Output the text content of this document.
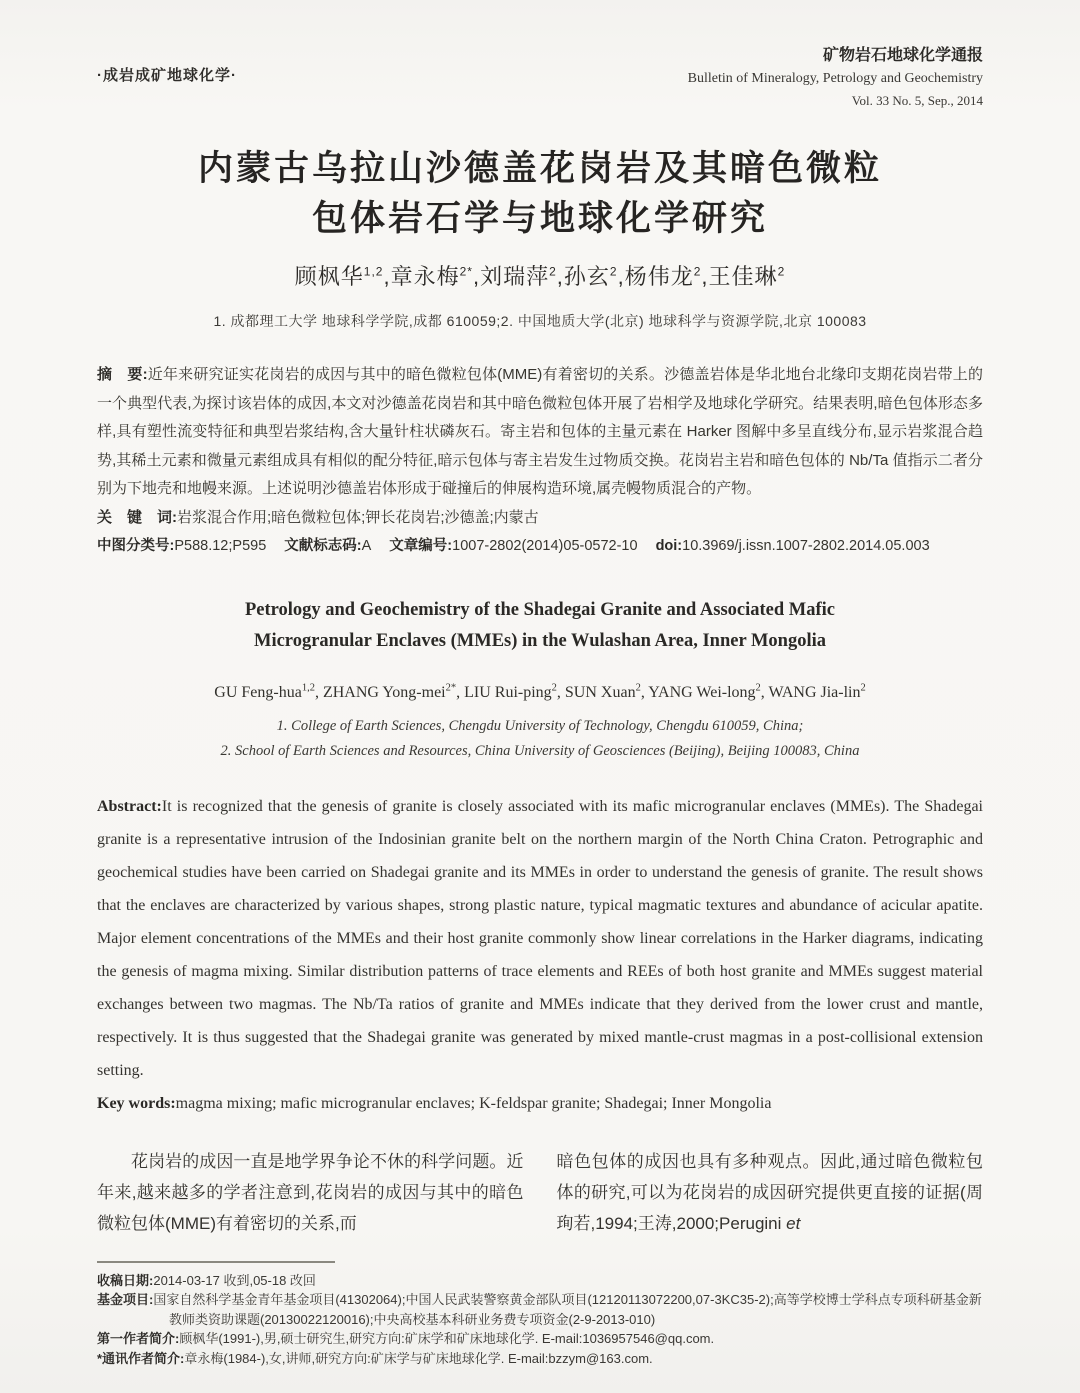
·成岩成矿地球化学·
矿物岩石地球化学通报
Bulletin of Mineralogy, Petrology and Geochemistry
Vol. 33 No. 5, Sep., 2014
内蒙古乌拉山沙德盖花岗岩及其暗色微粒
包体岩石学与地球化学研究
顾枫华$^{1,2}$,章永梅$^{2*}$,刘瑞萍$^2$,孙玄$^2$,杨伟龙$^2$,王佳琳$^2$
1. 成都理工大学 地球科学学院,成都 610059;2. 中国地质大学(北京) 地球科学与资源学院,北京 100083

摘　要:近年来研究证实花岗岩的成因与其中的暗色微粒包体(MME)有着密切的关系。沙德盖岩体是华北地台北缘印支期花岗岩带上的一个典型代表,为探讨该岩体的成因,本文对沙德盖花岗岩和其中暗色微粒包体开展了岩相学及地球化学研究。结果表明,暗色包体形态多样,具有塑性流变特征和典型岩浆结构,含大量针柱状磷灰石。寄主岩和包体的主量元素在 Harker 图解中多呈直线分布,显示岩浆混合趋势,其稀土元素和微量元素组成具有相似的配分特征,暗示包体与寄主岩发生过物质交换。花岗岩主岩和暗色包体的 Nb/Ta 值指示二者分别为下地壳和地幔来源。上述说明沙德盖岩体形成于碰撞后的伸展构造环境,属壳幔物质混合的产物。

关　键　词:岩浆混合作用;暗色微粒包体;钾长花岗岩;沙德盖;内蒙古

中图分类号:P588.12;P595 文献标志码:A 文章编号:1007-2802(2014)05-0572-10 doi:10.3969/j.issn.1007-2802.2014.05.003

Petrology and Geochemistry of the Shadegai Granite and Associated Mafic
Microgranular Enclaves (MMEs) in the Wulashan Area, Inner Mongolia
GU Feng-hua$^{1,2}$, ZHANG Yong-mei$^{2*}$, LIU Rui-ping$^2$, SUN Xuan$^2$, YANG Wei-long$^2$, WANG Jia-lin$^2$
1. College of Earth Sciences, Chengdu University of Technology, Chengdu 610059, China;
2. School of Earth Sciences and Resources, China University of Geosciences (Beijing), Beijing 100083, China

Abstract:It is recognized that the genesis of granite is closely associated with its mafic microgranular enclaves (MMEs). The Shadegai granite is a representative intrusion of the Indosinian granite belt on the northern margin of the North China Craton. Petrographic and geochemical studies have been carried on Shadegai granite and its MMEs in order to understand the genesis of granite. The result shows that the enclaves are characterized by various shapes, strong plastic nature, typical magmatic textures and abundance of acicular apatite. Major element concentrations of the MMEs and their host granite commonly show linear correlations in the Harker diagrams, indicating the genesis of magma mixing. Similar distribution patterns of trace elements and REEs of both host granite and MMEs suggest material exchanges between two magmas. The Nb/Ta ratios of granite and MMEs indicate that they derived from the lower crust and mantle, respectively. It is thus suggested that the Shadegai granite was generated by mixed mantle-crust magmas in a post-collisional extension setting.

Key words:magma mixing; mafic microgranular enclaves; K-feldspar granite; Shadegai; Inner Mongolia

花岗岩的成因一直是地学界争论不休的科学问题。近年来,越来越多的学者注意到,花岗岩的成因与其中的暗色微粒包体(MME)有着密切的关系,而

暗色包体的成因也具有多种观点。因此,通过暗色微粒包体的研究,可以为花岗岩的成因研究提供更直接的证据(周珣若,1994;王涛,2000;Perugini et

收稿日期:2014-03-17 收到,05-18 改回
基金项目:国家自然科学基金青年基金项目(41302064);中国人民武装警察黄金部队项目(12120113072200,07-3KC35-2);高等学校博士学科点专项科研基金新教师类资助课题(20130022120016);中央高校基本科研业务费专项资金(2-9-2013-010)
第一作者简介:顾枫华(1991-),男,硕士研究生,研究方向:矿床学和矿床地球化学. E-mail:1036957546@qq.com.
*通讯作者简介:章永梅(1984-),女,讲师,研究方向:矿床学与矿床地球化学. E-mail:bzzym@163.com.
